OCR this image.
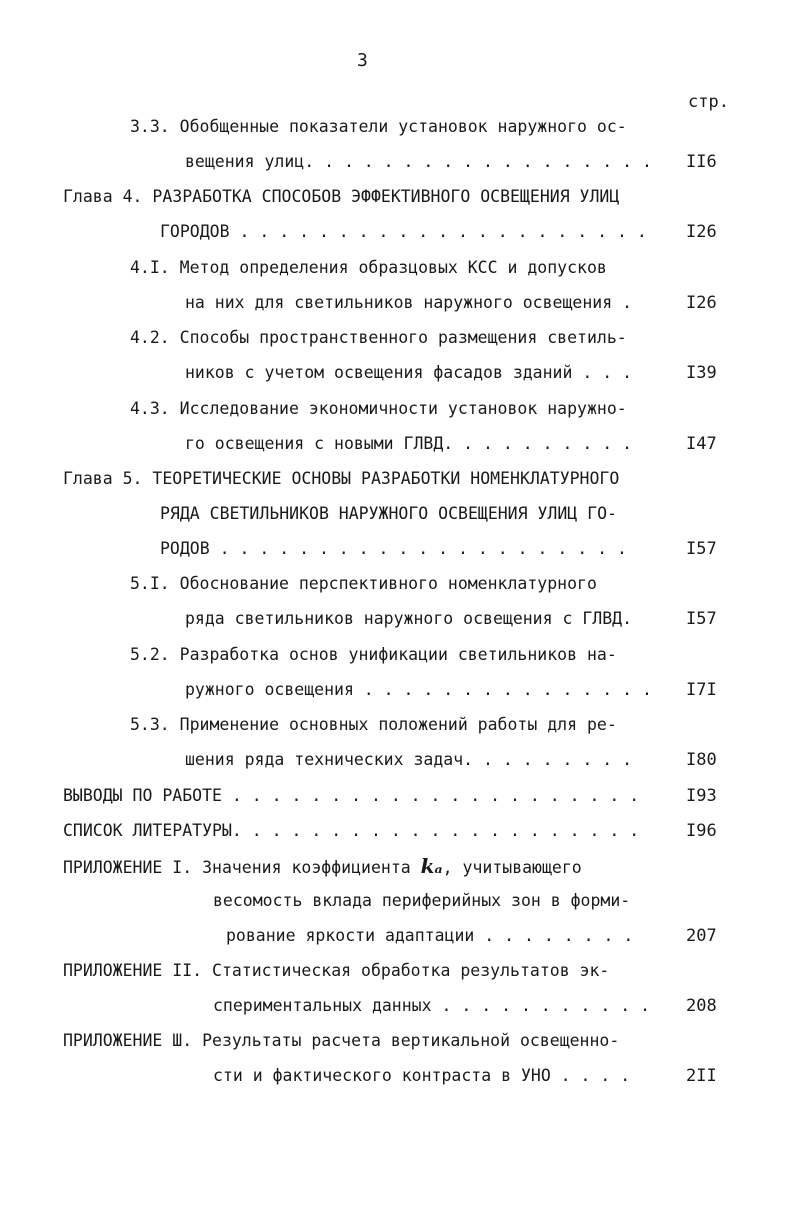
3
стр.
3.3. Обобщенные показатели установок наружного ос-
вещения улиц. . . . . . . . . . . . . . . . . . II6
Глава 4. РАЗРАБОТКА СПОСОБОВ ЭФФЕКТИВНОГО ОСВЕЩЕНИЯ УЛИЦ
ГОРОДОВ . . . . . . . . . . . . . . . . . . . . . I26
4.I. Метод определения образцовых КСС и допусков
на них для светильников наружного освещения .	I26
4.2. Способы пространственного размещения светиль-
ников с учетом освещения фасадов зданий . . .	I39
4.3. Исследование экономичности установок наружно-
го освещения с новыми ГЛВД. . . . . . . . . .	I47
Глава 5. ТЕОРЕТИЧЕСКИЕ ОСНОВЫ РАЗРАБОТКИ НОМЕНКЛАТУРНОГО
РЯДА СВЕТИЛЬНИКОВ НАРУЖНОГО ОСВЕЩЕНИЯ УЛИЦ ГО-
РОДОВ . . . . . . . . . . . . . . . . . . . . .	I57
5.I. Обоснование перспективного номенклатурного
ряда светильников наружного освещения с ГЛВД.	I57
5.2. Разработка основ унификации светильников на-
ружного освещения . . . . . . . . . . . . . . . I7I
5.3. Применение основных положений работы для ре-
шения ряда технических задач. . . . . . . . .	I80
ВЫВОДЫ ПО РАБОТЕ . . . . . . . . . . . . . . . . . . . . .	I93
СПИСОК ЛИТЕРАТУРЫ. . . . . . . . . . . . . . . . . . . . .	I96
ПРИЛОЖЕНИЕ I. Значения коэффициента kₐ, учитывающего
весомость вклада периферийных зон в форми-
рование яркости адаптации . . . . . . . .	207
ПРИЛОЖЕНИЕ II. Статистическая обработка результатов эк-
спериментальных данных . . . . . . . . . . . 208
ПРИЛОЖЕНИЕ Ш. Результаты расчета вертикальной освещенно-
сти и фактического контраста в УНО . . . .	2II
